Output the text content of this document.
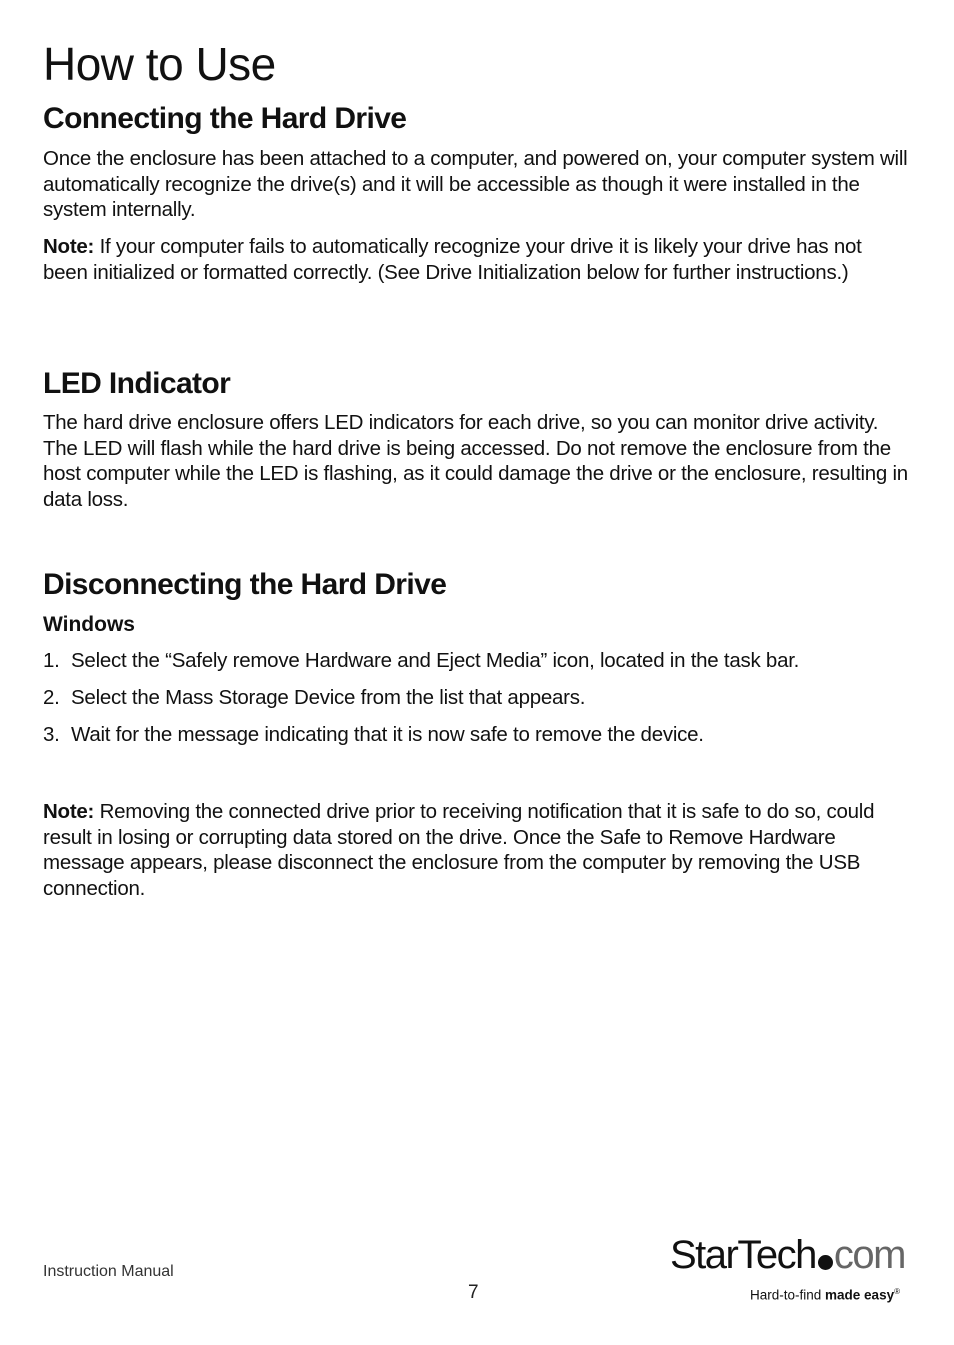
How to Use
Connecting the Hard Drive

Once the enclosure has been attached to a computer, and powered on, your computer system will automatically recognize the drive(s) and it will be accessible as though it were installed in the system internally.

Note: If your computer fails to automatically recognize your drive it is likely your drive has not been initialized or formatted correctly. (See Drive Initialization below for further instructions.)

LED Indicator

The hard drive enclosure offers LED indicators for each drive, so you can monitor drive activity. The LED will flash while the hard drive is being accessed. Do not remove the enclosure from the host computer while the LED is flashing, as it could damage the drive or the enclosure, resulting in data loss.

Disconnecting the Hard Drive
Windows
1. Select the “Safely remove Hardware and Eject Media” icon, located in the task bar.
2. Select the Mass Storage Device from the list that appears.
3. Wait for the message indicating that it is now safe to remove the device.

Note: Removing the connected drive prior to receiving notification that it is safe to do so, could result in losing or corrupting data stored on the drive. Once the Safe to Remove Hardware message appears, please disconnect the enclosure from the computer by removing the USB connection.

Instruction Manual
7
StarTech com
Hard-to-find made easy®
